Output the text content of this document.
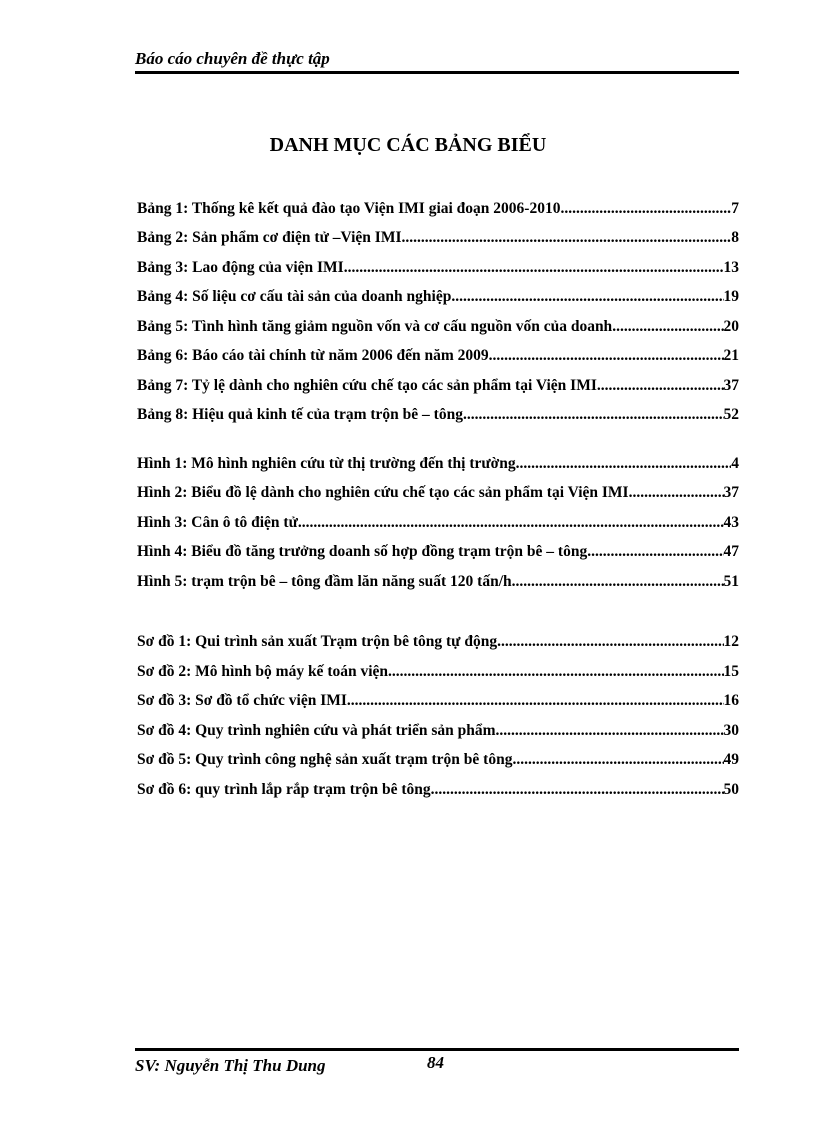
Báo cáo chuyên đề thực tập
DANH MỤC CÁC BẢNG BIỂU
Bảng 1: Thống kê kết quả đào tạo Viện IMI giai đoạn 2006-2010 .....	7
Bảng 2: Sản phẩm cơ điện tử –Viện IMI .....	8
Bảng 3: Lao động của viện IMI .....	13
Bảng 4: Số liệu cơ cấu tài sản của doanh nghiệp .....	19
Bảng 5: Tình hình tăng giảm nguồn vốn và cơ cấu nguồn vốn của doanh .....	20
Bảng 6: Báo cáo tài chính từ năm 2006 đến năm 2009 .....	21
Bảng 7: Tỷ lệ dành cho nghiên cứu chế tạo các sản phẩm tại Viện IMI .....	37
Bảng 8: Hiệu quả kinh tế của trạm trộn bê – tông .....	52
Hình 1: Mô hình nghiên cứu từ thị trường đến thị trường .....	4
Hình 2: Biểu đồ lệ dành cho nghiên cứu chế tạo các sản phẩm tại Viện IMI .....	37
Hình 3: Cân ô tô điện tử .....	43
Hình 4: Biểu đồ tăng trưởng doanh số hợp đồng trạm trộn bê – tông .....	47
Hình 5: trạm trộn bê – tông đầm lăn năng suất 120 tấn/h .....	51
Sơ đồ 1: Qui trình sản xuất Trạm trộn bê tông tự động .....	12
Sơ đồ 2: Mô hình bộ máy kế toán viện .....	15
Sơ đồ 3: Sơ đồ tổ chức viện IMI .....	16
Sơ đồ 4: Quy trình nghiên cứu và phát triển sản phẩm .....	30
Sơ đồ 5: Quy trình công nghệ sản xuất trạm trộn bê tông .....	49
Sơ đồ 6: quy trình lắp rắp trạm trộn bê tông .....	50
SV: Nguyễn Thị Thu Dung	84
